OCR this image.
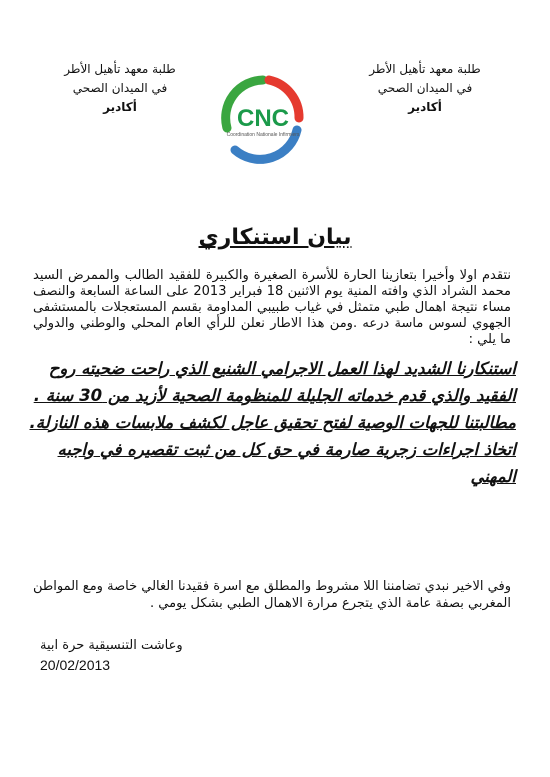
طلبة معهد تأهيل الأطر
في الميدان الصحي
أكادير	CNC
Coordination Nationale Infirmiers
طلبة معهد تأهيل الأطر
في الميدان الصحي
أكادير
بيان استنكاري
نتقدم اولا وأخيرا بتعازينا الحارة للأسرة الصغيرة والكبيرة للفقيد الطالب والممرض السيد محمد الشراد الذي وافته المنية يوم الاثنين 18 فبراير 2013 على الساعة السابعة والنصف مساء نتيجة اهمال طبي متمثل في غياب طبيبي المداومة بقسم المستعجلات بالمستشفى الجهوي لسوس ماسة درعه .ومن هذا الاطار نعلن للرأي العام المحلي والوطني والدولي ما يلي :

استنكارنا الشديد لهذا العمل الاجرامي الشنيع الذي راحت ضحيته روح الفقيد والذي قدم خدماته الجليلة للمنظومة الصحية لأزيد من 30 سنة .

مطالبتنا للجهات الوصية لفتح تحقيق عاجل لكشف ملابسات هذه النازلة.

اتخاذ اجراءات زجرية صارمة في حق كل من ثبت تقصيره في واجبه المهني

وفي الاخير نبدي تضامننا اللا مشروط والمطلق مع اسرة فقيدنا الغالي خاصة ومع المواطن المغربي بصفة عامة الذي يتجرع مرارة الاهمال الطبي بشكل يومي .
وعاشت التنسيقية حرة ابية
20/02/2013
